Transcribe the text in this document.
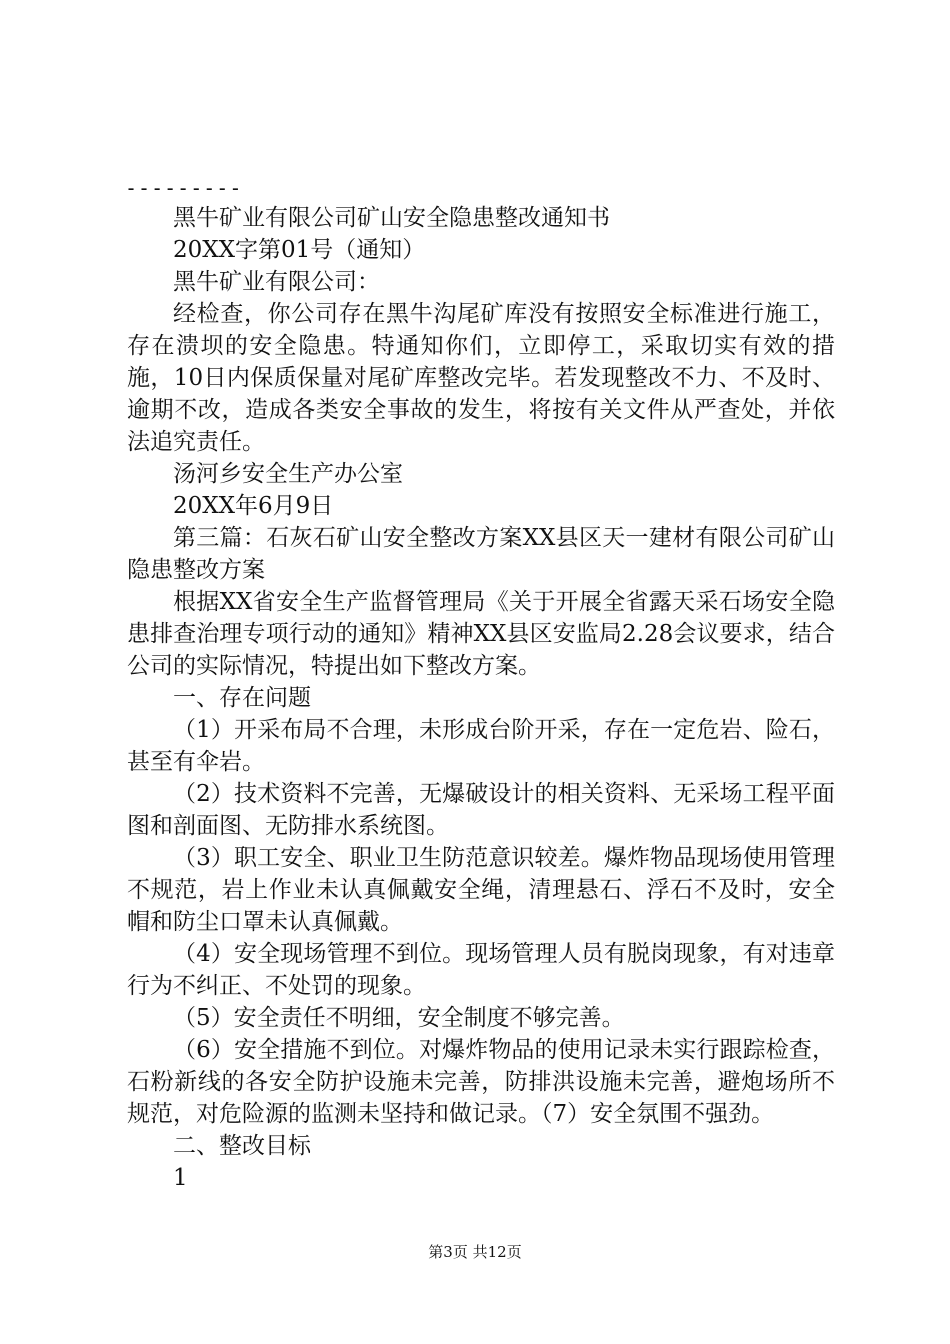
---------

黑牛矿业有限公司矿山安全隐患整改通知书

20XX字第01号（通知）

黑牛矿业有限公司：

经检查，你公司存在黑牛沟尾矿库没有按照安全标准进行施工，存在溃坝的安全隐患。特通知你们，立即停工，采取切实有效的措施，10日内保质保量对尾矿库整改完毕。若发现整改不力、不及时、逾期不改，造成各类安全事故的发生，将按有关文件从严查处，并依法追究责任。

汤河乡安全生产办公室

20XX年6月9日

第三篇：石灰石矿山安全整改方案XX县区天一建材有限公司矿山隐患整改方案

根据XX省安全生产监督管理局《关于开展全省露天采石场安全隐患排查治理专项行动的通知》精神XX县区安监局2.28会议要求，结合公司的实际情况，特提出如下整改方案。

一、存在问题

（1）开采布局不合理，未形成台阶开采，存在一定危岩、险石，甚至有伞岩。

（2）技术资料不完善，无爆破设计的相关资料、无采场工程平面图和剖面图、无防排水系统图。

（3）职工安全、职业卫生防范意识较差。爆炸物品现场使用管理不规范，岩上作业未认真佩戴安全绳，清理悬石、浮石不及时，安全帽和防尘口罩未认真佩戴。

（4）安全现场管理不到位。现场管理人员有脱岗现象，有对违章行为不纠正、不处罚的现象。

（5）安全责任不明细，安全制度不够完善。

（6）安全措施不到位。对爆炸物品的使用记录未实行跟踪检查，石粉新线的各安全防护设施未完善，防排洪设施未完善，避炮场所不规范，对危险源的监测未坚持和做记录。（7）安全氛围不强劲。

二、整改目标

1

第3页 共12页
